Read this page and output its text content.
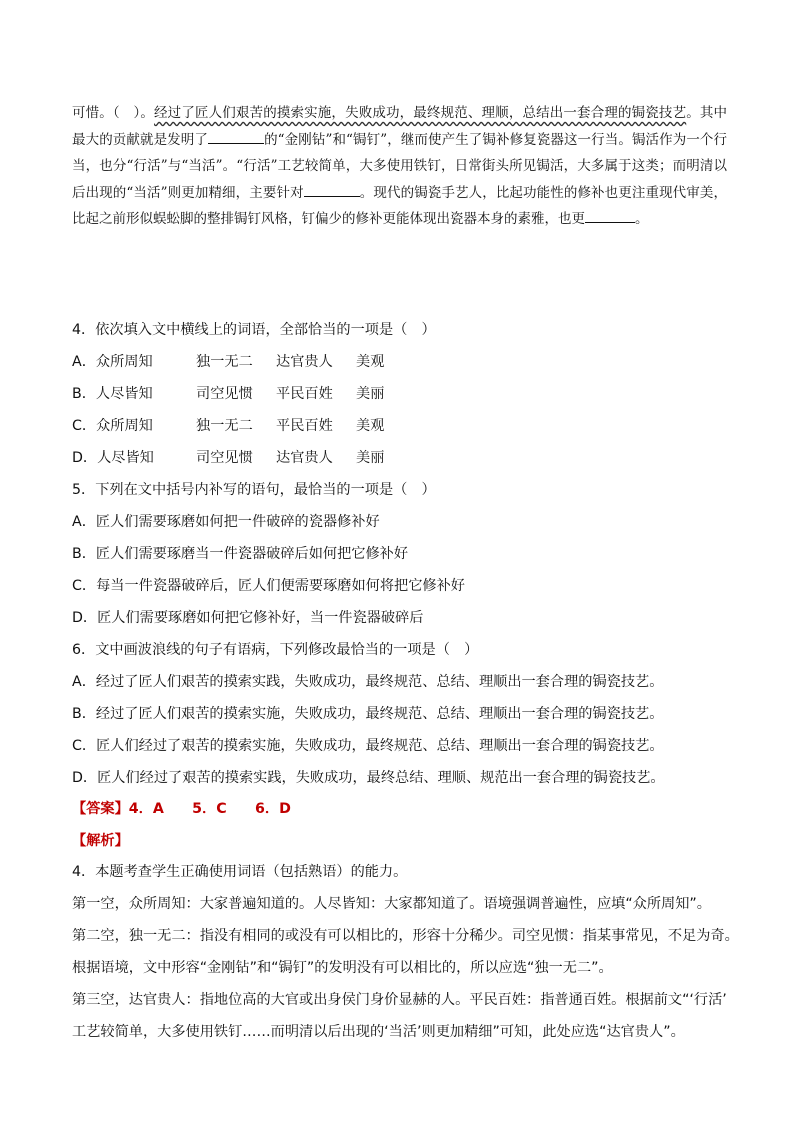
可惜。（　）。经过了匠人们艰苦的摸索实施，失败成功，最终规范、理顺，总结出一套合理的锔瓷技艺。其中最大的贡献就是发明了	的“金刚钻”和“锔钉”，继而使产生了锔补修复瓷器这一行当。锔活作为一个行当，也分“行活”与“当活”。“行活”工艺较简单，大多使用铁钉，日常街头所见锔活，大多属于这类；而明清以后出现的“当活”则更加精细，主要针对	。现代的锔瓷手艺人，比起功能性的修补也更注重现代审美，比起之前形似蜈蚣脚的整排锔钉风格，钉偏少的修补更能体现出瓷器本身的素雅，也更	。
4．依次填入文中横线上的词语，全部恰当的一项是（　）
A．众所周知	独一无二 达官贵人 美观
B．人尽皆知	司空见惯 平民百姓 美丽
C．众所周知	独一无二 平民百姓 美观
D．人尽皆知	司空见惯 达官贵人 美丽
5．下列在文中括号内补写的语句，最恰当的一项是（　）
A．匠人们需要琢磨如何把一件破碎的瓷器修补好
B．匠人们需要琢磨当一件瓷器破碎后如何把它修补好
C．每当一件瓷器破碎后，匠人们便需要琢磨如何将把它修补好
D．匠人们需要琢磨如何把它修补好，当一件瓷器破碎后
6．文中画波浪线的句子有语病，下列修改最恰当的一项是（　）
A．经过了匠人们艰苦的摸索实践，失败成功，最终规范、总结、理顺出一套合理的锔瓷技艺。
B．经过了匠人们艰苦的摸索实施，失败成功，最终规范、总结、理顺出一套合理的锔瓷技艺。
C．匠人们经过了艰苦的摸索实施，失败成功，最终规范、总结、理顺出一套合理的锔瓷技艺。
D．匠人们经过了艰苦的摸索实践，失败成功，最终总结、理顺、规范出一套合理的锔瓷技艺。
【答案】4．A　　5．C　　6．D
【解析】
4．本题考查学生正确使用词语（包括熟语）的能力。
第一空，众所周知：大家普遍知道的。人尽皆知：大家都知道了。语境强调普遍性，应填“众所周知”。
第二空，独一无二：指没有相同的或没有可以相比的，形容十分稀少。司空见惯：指某事常见，不足为奇。
根据语境，文中形容“金刚钻”和“锔钉”的发明没有可以相比的，所以应选“独一无二”。
第三空，达官贵人：指地位高的大官或出身侯门身价显赫的人。平民百姓：指普通百姓。根据前文“‘行活’
工艺较简单，大多使用铁钉……而明清以后出现的‘当活’则更加精细”可知，此处应选“达官贵人”。
